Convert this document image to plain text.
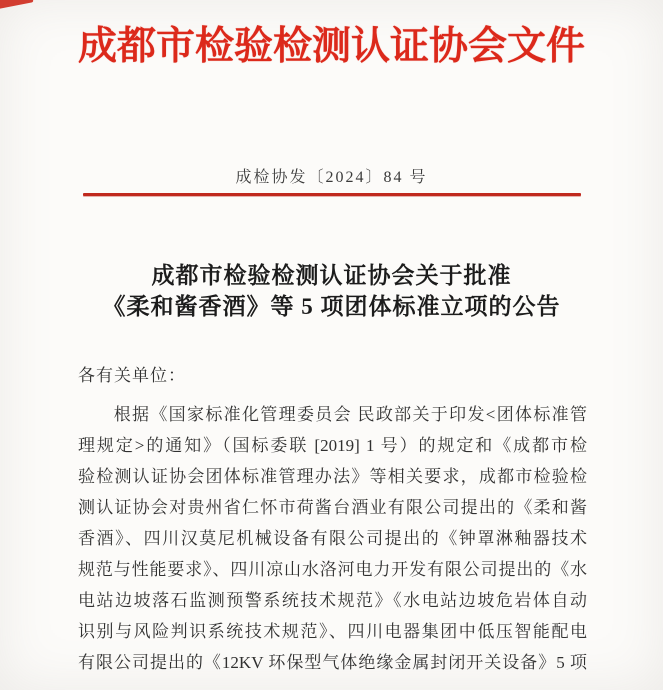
成都市检验检测认证协会文件
成检协发〔2024〕84 号
成都市检验检测认证协会关于批准
《柔和酱香酒》等 5 项团体标准立项的公告
各有关单位：
根据《国家标准化管理委员会 民政部关于印发<团体标准管
理规定>的通知》（国标委联 [2019] 1 号）的规定和《成都市检
验检测认证协会团体标准管理办法》等相关要求，成都市检验检
测认证协会对贵州省仁怀市荷酱台酒业有限公司提出的《柔和酱
香酒》、四川汉莫尼机械设备有限公司提出的《钟罩淋釉器技术
规范与性能要求》、四川凉山水洛河电力开发有限公司提出的《水
电站边坡落石监测预警系统技术规范》《水电站边坡危岩体自动
识别与风险判识系统技术规范》、四川电器集团中低压智能配电
有限公司提出的《12KV 环保型气体绝缘金属封闭开关设备》5 项
